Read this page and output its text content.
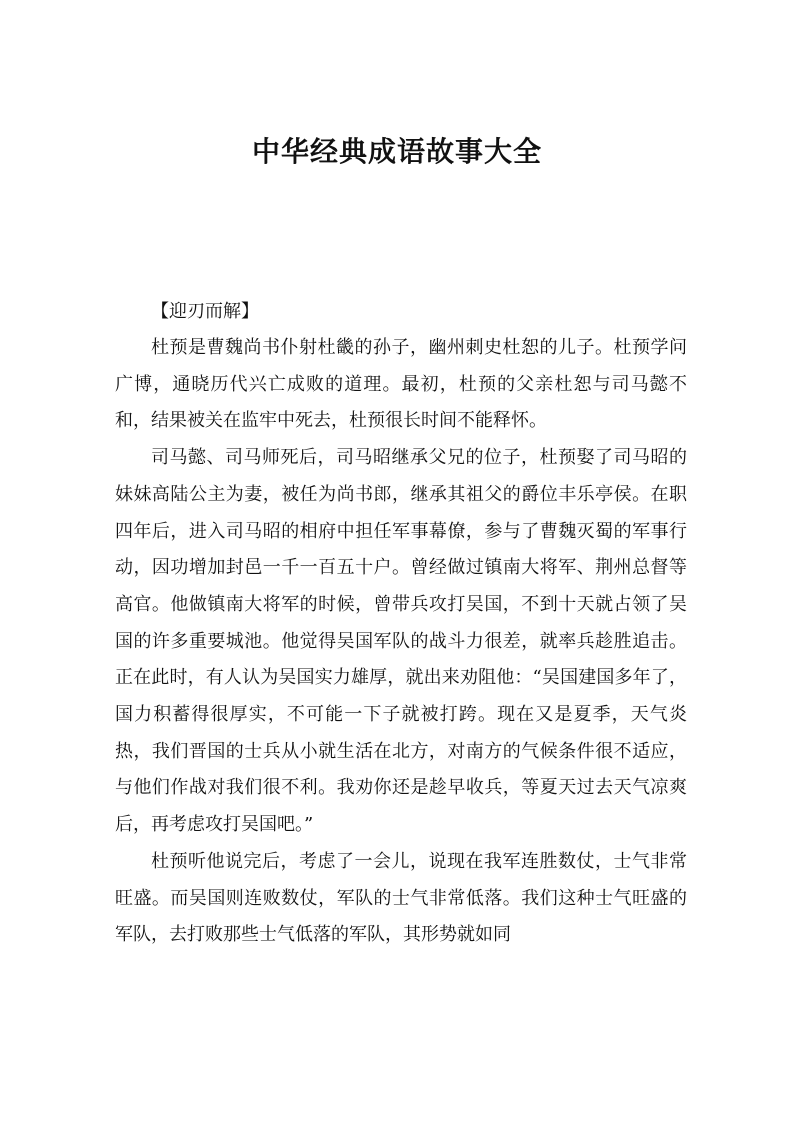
中华经典成语故事大全

【迎刃而解】

杜预是曹魏尚书仆射杜畿的孙子，幽州刺史杜恕的儿子。杜预学问广博，通晓历代兴亡成败的道理。最初，杜预的父亲杜恕与司马懿不和，结果被关在监牢中死去，杜预很长时间不能释怀。

司马懿、司马师死后，司马昭继承父兄的位子，杜预娶了司马昭的妹妹高陆公主为妻，被任为尚书郎，继承其祖父的爵位丰乐亭侯。在职四年后，进入司马昭的相府中担任军事幕僚，参与了曹魏灭蜀的军事行动，因功增加封邑一千一百五十户。曾经做过镇南大将军、荆州总督等高官。他做镇南大将军的时候，曾带兵攻打吴国，不到十天就占领了吴国的许多重要城池。他觉得吴国军队的战斗力很差，就率兵趁胜追击。正在此时，有人认为吴国实力雄厚，就出来劝阻他：“吴国建国多年了，国力积蓄得很厚实，不可能一下子就被打跨。现在又是夏季，天气炎热，我们晋国的士兵从小就生活在北方，对南方的气候条件很不适应，与他们作战对我们很不利。我劝你还是趁早收兵，等夏天过去天气凉爽后，再考虑攻打吴国吧。”

杜预听他说完后，考虑了一会儿，说现在我军连胜数仗，士气非常旺盛。而吴国则连败数仗，军队的士气非常低落。我们这种士气旺盛的军队，去打败那些士气低落的军队，其形势就如同
